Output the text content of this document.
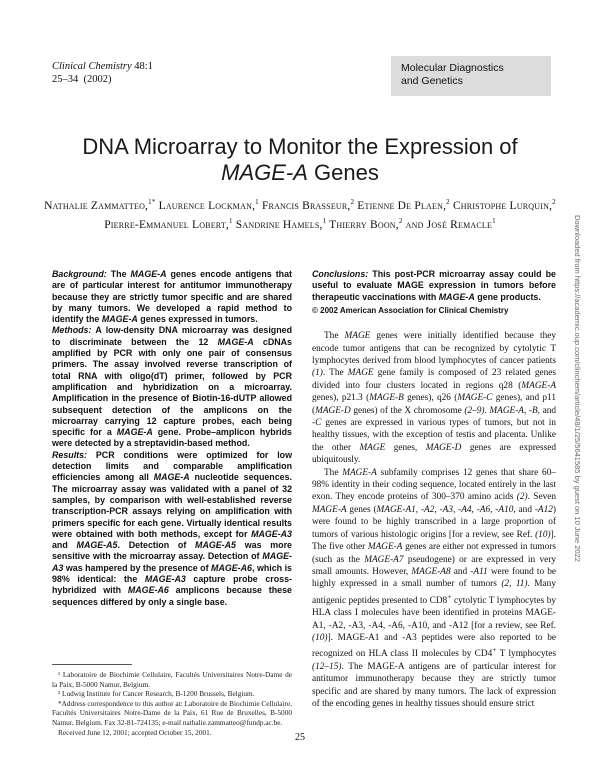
Clinical Chemistry 48:1
25–34 (2002)
Molecular Diagnostics
and Genetics
DNA Microarray to Monitor the Expression of
MAGE-A Genes
Nathalie Zammatteo,$^{1*}$ Laurence Lockman,$^1$ Francis Brasseur,$^2$ Etienne De Plaen,$^2$ Christophe Lurquin,$^2$ Pierre-Emmanuel Lobert,$^1$ Sandrine Hamels,$^1$ Thierry Boon,$^2$ and José Remacle$^1$	Downloaded from https://academic.oup.com/clinchem/article/48/1/25/5641585 by guest on 10 June 2022

Background: The MAGE-A genes encode antigens that are of particular interest for antitumor immunotherapy because they are strictly tumor specific and are shared by many tumors. We developed a rapid method to identify the MAGE-A genes expressed in tumors.

Methods: A low-density DNA microarray was designed to discriminate between the 12 MAGE-A cDNAs amplified by PCR with only one pair of consensus primers. The assay involved reverse transcription of total RNA with oligo(dT) primer, followed by PCR amplification and hybridization on a microarray. Amplification in the presence of Biotin-16-dUTP allowed subsequent detection of the amplicons on the microarray carrying 12 capture probes, each being specific for a MAGE-A gene. Probe–amplicon hybrids were detected by a streptavidin-based method.

Results: PCR conditions were optimized for low detection limits and comparable amplification efficiencies among all MAGE-A nucleotide sequences. The microarray assay was validated with a panel of 32 samples, by comparison with well-established reverse transcription-PCR assays relying on amplification with primers specific for each gene. Virtually identical results were obtained with both methods, except for MAGE-A3 and MAGE-A5. Detection of MAGE-A5 was more sensitive with the microarray assay. Detection of MAGE-A3 was hampered by the presence of MAGE-A6, which is 98% identical: the MAGE-A3 capture probe cross-hybridized with MAGE-A6 amplicons because these sequences differed by only a single base.

¹ Laboratoire de Biochimie Cellulaire, Facultés Universitaires Notre-Dame de la Paix, B-5000 Namur, Belgium.

² Ludwig Institute for Cancer Research, B-1200 Brussels, Belgium.

*Address correspondence to this author at: Laboratoire de Biochimie Cellulaire, Facultés Universitaires Notre-Dame de la Paix, 61 Rue de Bruxelles, B-5000 Namur, Belgium. Fax 32-81-724135; e-mail nathalie.zammatteo@fundp.ac.be.

Received June 12, 2001; accepted October 15, 2001.

Conclusions: This post-PCR microarray assay could be useful to evaluate MAGE expression in tumors before therapeutic vaccinations with MAGE-A gene products.

© 2002 American Association for Clinical Chemistry

The MAGE genes were initially identified because they encode tumor antigens that can be recognized by cytolytic T lymphocytes derived from blood lymphocytes of cancer patients (1). The MAGE gene family is composed of 23 related genes divided into four clusters located in regions q28 (MAGE-A genes), p21.3 (MAGE-B genes), q26 (MAGE-C genes), and p11 (MAGE-D genes) of the X chromosome (2–9). MAGE-A, -B, and -C genes are expressed in various types of tumors, but not in healthy tissues, with the exception of testis and placenta. Unlike the other MAGE genes, MAGE-D genes are expressed ubiquitously.

The MAGE-A subfamily comprises 12 genes that share 60–98% identity in their coding sequence, located entirely in the last exon. They encode proteins of 300–370 amino acids (2). Seven MAGE-A genes (MAGE-A1, -A2, -A3, -A4, -A6, -A10, and -A12) were found to be highly transcribed in a large proportion of tumors of various histologic origins [for a review, see Ref. (10)]. The five other MAGE-A genes are either not expressed in tumors (such as the MAGE-A7 pseudogene) or are expressed in very small amounts. However, MAGE-A8 and -A11 were found to be highly expressed in a small number of tumors (2, 11). Many antigenic peptides presented to CD8+ cytolytic T lymphocytes by HLA class I molecules have been identified in proteins MAGE-A1, -A2, -A3, -A4, -A6, -A10, and -A12 [for a review, see Ref. (10)]. MAGE-A1 and -A3 peptides were also reported to be recognized on HLA class II molecules by CD4+ T lymphocytes (12–15). The MAGE-A antigens are of particular interest for antitumor immunotherapy because they are strictly tumor specific and are shared by many tumors. The lack of expression of the encoding genes in healthy tissues should ensure strict

25
